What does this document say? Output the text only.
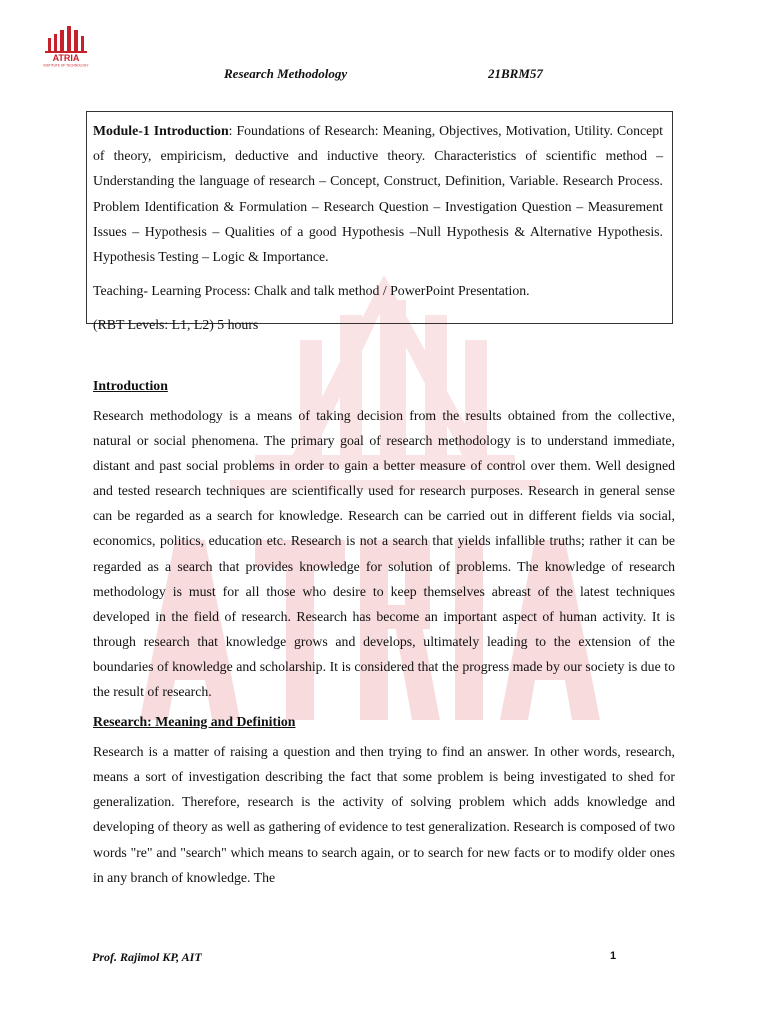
ATRIA
INSTITUTE OF TECHNOLOGY
Research Methodology	21BRM57

Module-1 Introduction: Foundations of Research: Meaning, Objectives, Motivation, Utility. Concept of theory, empiricism, deductive and inductive theory. Characteristics of scientific method – Understanding the language of research – Concept, Construct, Definition, Variable. Research Process. Problem Identification & Formulation – Research Question – Investigation Question – Measurement Issues – Hypothesis – Qualities of a good Hypothesis –Null Hypothesis & Alternative Hypothesis. Hypothesis Testing – Logic & Importance.

Teaching- Learning Process: Chalk and talk method / PowerPoint Presentation.

(RBT Levels: L1, L2) 5 hours

Introduction

Research methodology is a means of taking decision from the results obtained from the collective, natural or social phenomena. The primary goal of research methodology is to understand immediate, distant and past social problems in order to gain a better measure of control over them. Well designed and tested research techniques are scientifically used for research purposes. Research in general sense can be regarded as a search for knowledge. Research can be carried out in different fields via social, economics, politics, education etc. Research is not a search that yields infallible truths; rather it can be regarded as a search that provides knowledge for solution of problems. The knowledge of research methodology is must for all those who desire to keep themselves abreast of the latest techniques developed in the field of research. Research has become an important aspect of human activity. It is through research that knowledge grows and develops, ultimately leading to the extension of the boundaries of knowledge and scholarship. It is considered that the progress made by our society is due to the result of research.

Research: Meaning and Definition

Research is a matter of raising a question and then trying to find an answer. In other words, research, means a sort of investigation describing the fact that some problem is being investigated to shed for generalization. Therefore, research is the activity of solving problem which adds knowledge and developing of theory as well as gathering of evidence to test generalization. Research is composed of two words "re" and "search" which means to search again, or to search for new facts or to modify older ones in any branch of knowledge. The

Prof. Rajimol KP, AIT	1
